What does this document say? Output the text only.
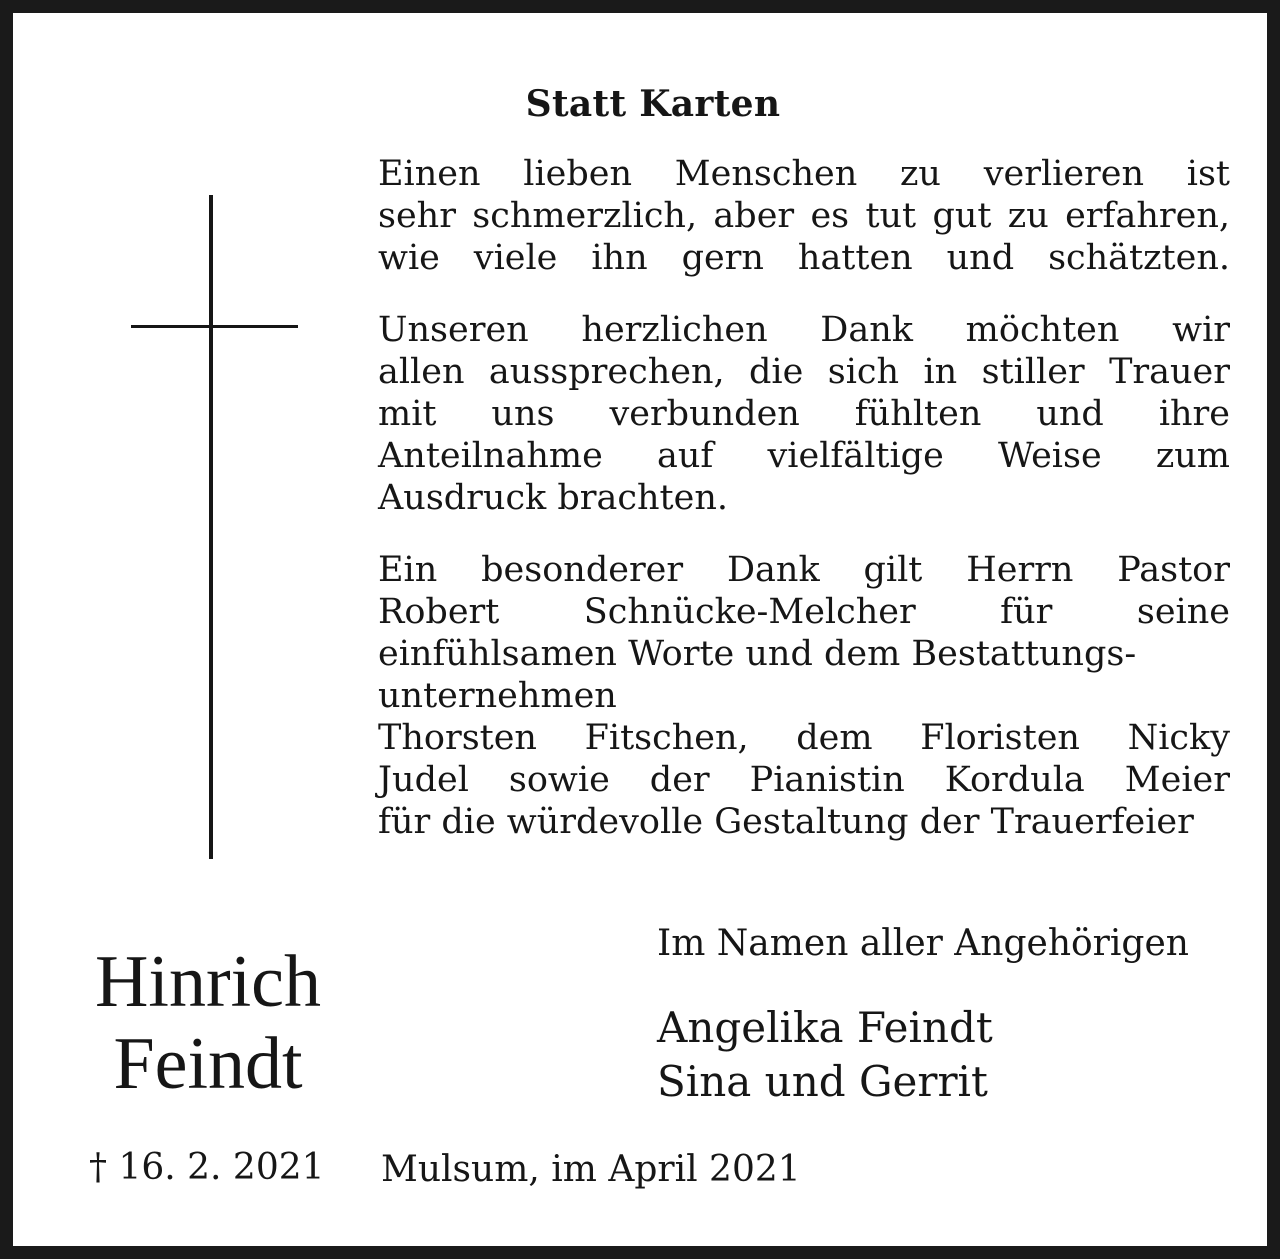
Statt Karten

Einen lieben Menschen zu verlieren ist
sehr schmerzlich, aber es tut gut zu erfahren,
wie viele ihn gern hatten und schätzten.

Unseren herzlichen Dank möchten wir
allen aussprechen, die sich in stiller Trauer
mit uns verbunden fühlten und ihre
Anteilnahme auf vielfältige Weise zum
Ausdruck brachten.

Ein besonderer Dank gilt Herrn Pastor
Robert Schnücke-Melcher für seine
einfühlsamen Worte und dem Bestattungs-
unternehmen
Thorsten Fitschen, dem Floristen Nicky
Judel sowie der Pianistin Kordula Meier
für die würdevolle Gestaltung der Trauerfeier

Hinrich
Feindt
† 16. 2. 2021 Mulsum, im April 2021
Im Namen aller Angehörigen
Angelika Feindt
Sina und Gerrit
